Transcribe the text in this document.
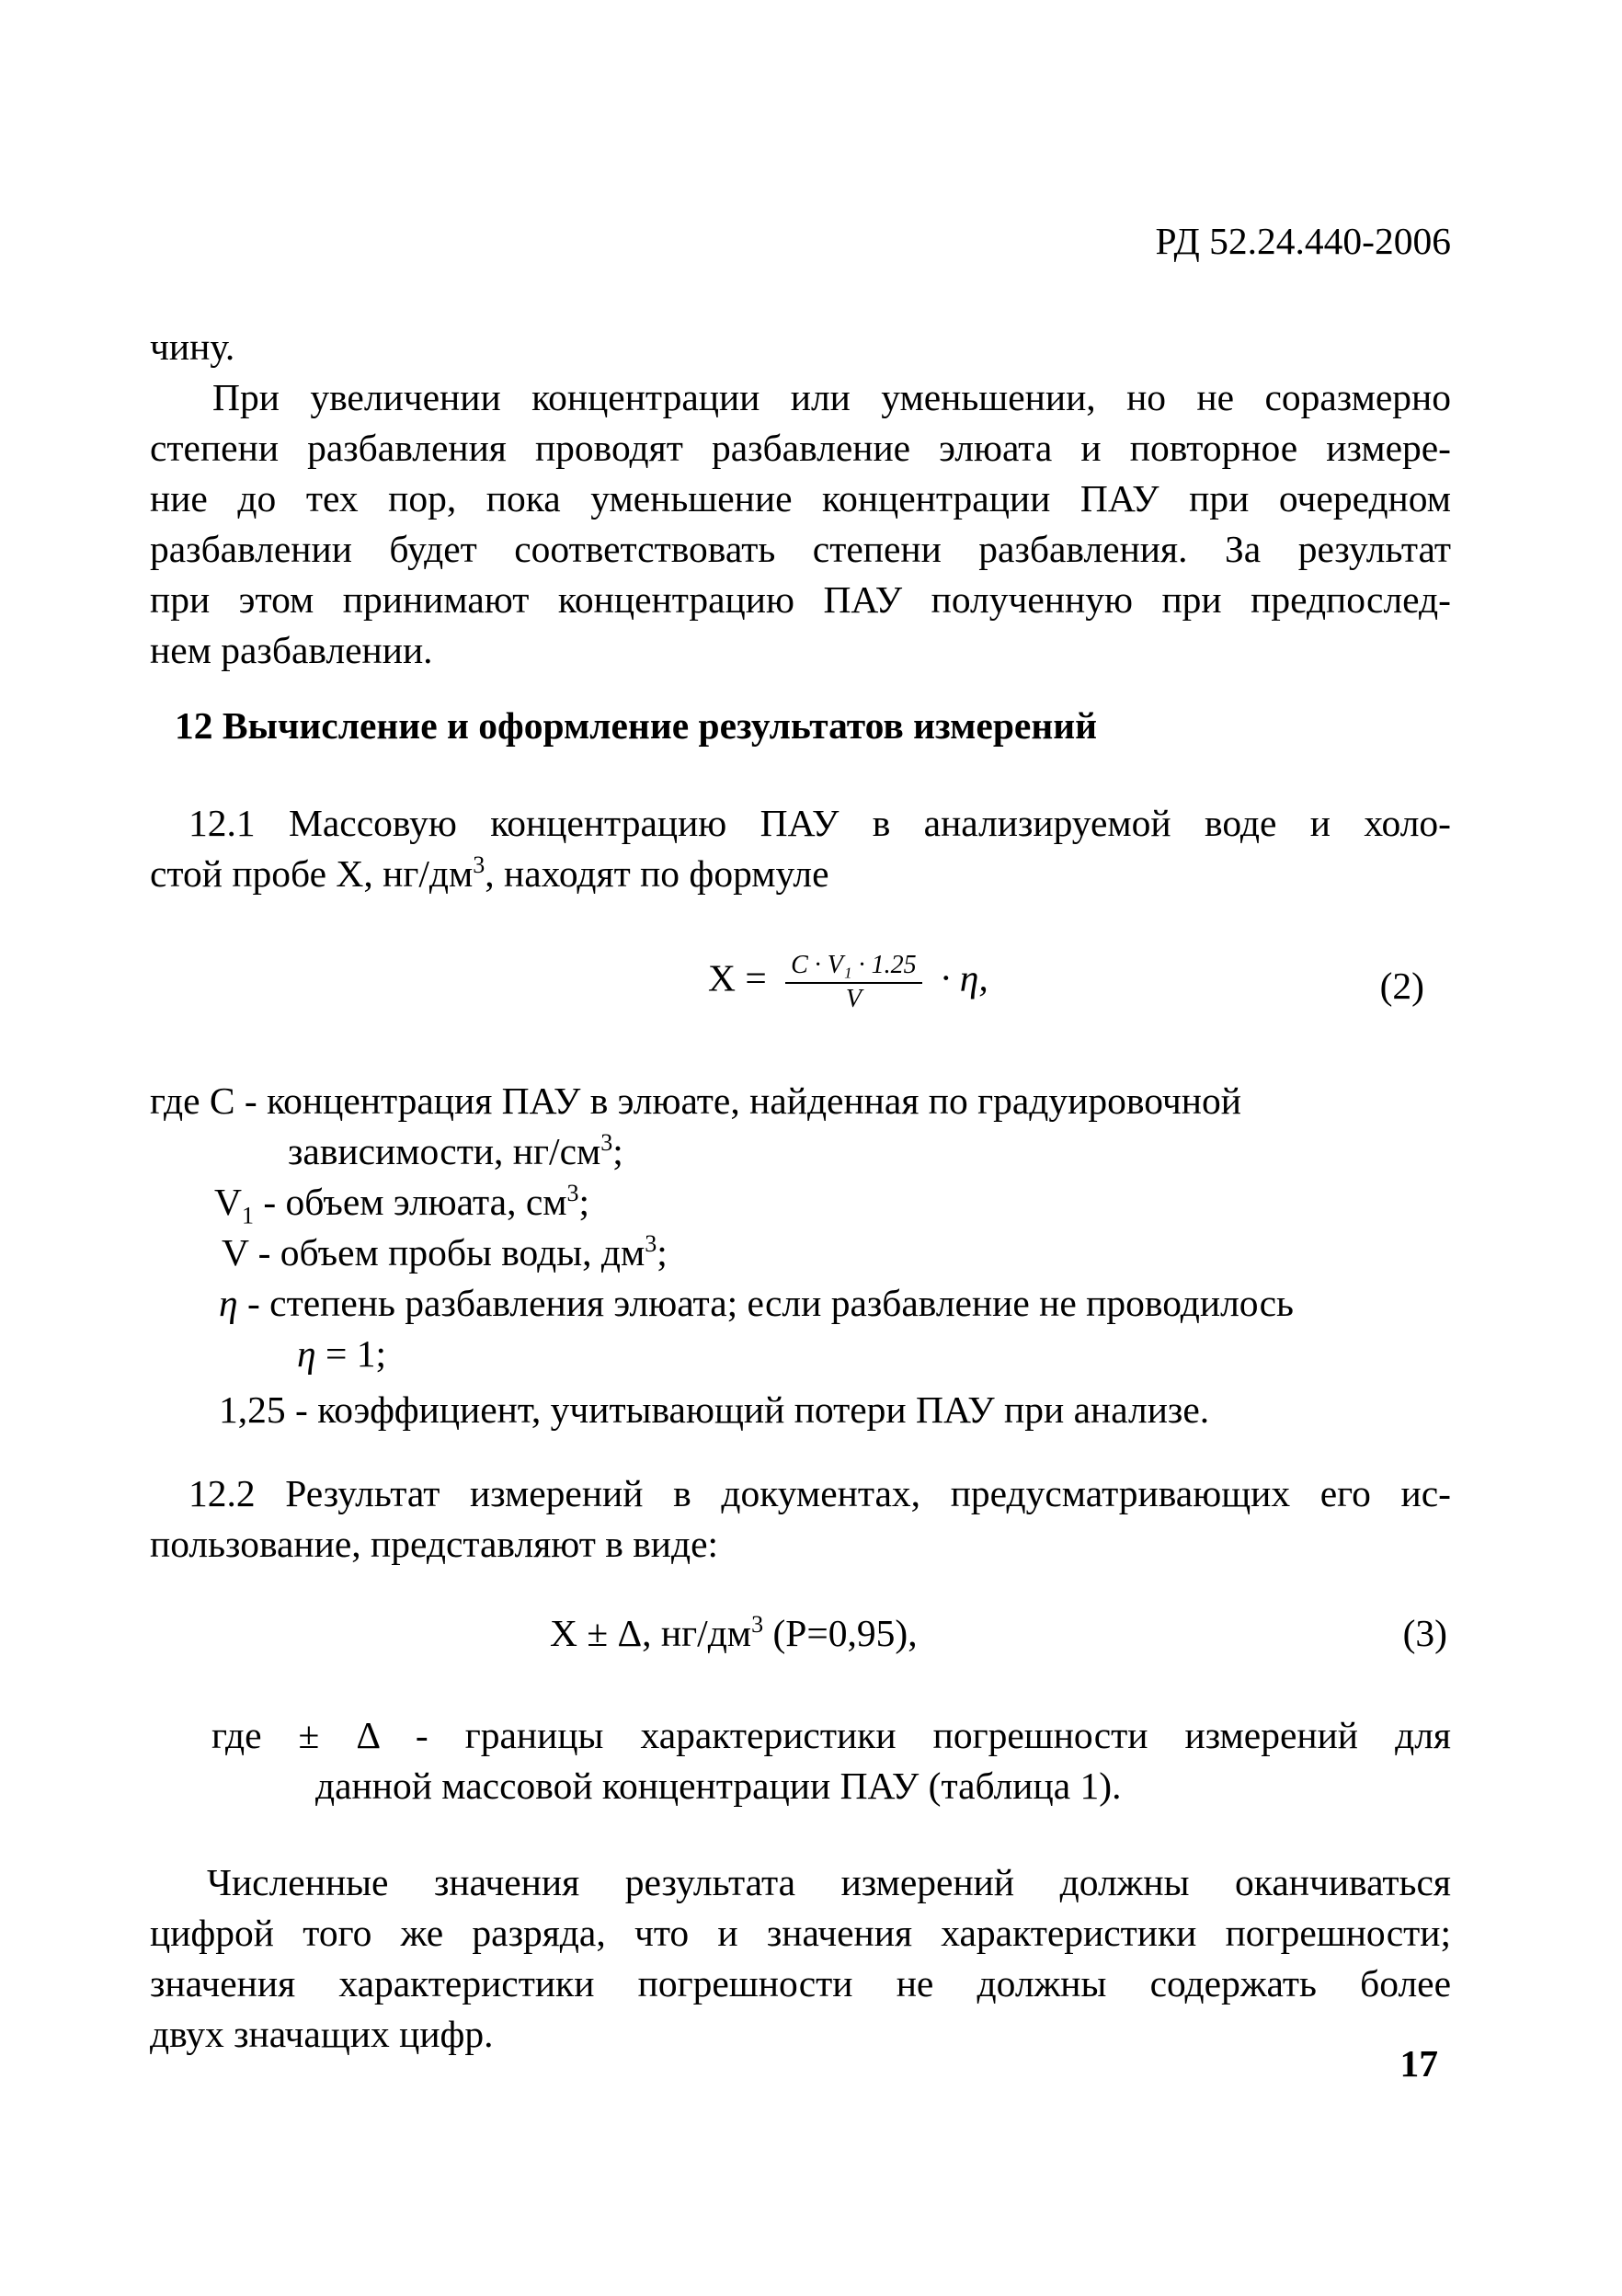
РД 52.24.440-2006
чину.
При увеличении концентрации или уменьшении, но не соразмерно
степени разбавления проводят разбавление элюата и повторное измере-
ние до тех пор, пока уменьшение концентрации ПАУ при очередном
разбавлении будет соответствовать степени разбавления. За результат
при этом принимают концентрацию ПАУ полученную при предпослед-
нем разбавлении.
12 Вычисление и оформление результатов измерений
12.1 Массовую концентрацию ПАУ в анализируемой воде и холо-
стой пробе X, $нг/дм^3$, находят по формуле
$X = \frac{\text{C · V₁ · 1.25}}{V} \cdot \eta$,	(2)
где C - концентрация ПАУ в элюате, найденная по градуировочной
зависимости, $нг/см^3$;
$V_1$ - объем элюата, $см^3$;
V - объем пробы воды, $дм^3$;
η - степень разбавления элюата; если разбавление не проводилось
η = 1;
1,25 - коэффициент, учитывающий потери ПАУ при анализе.
12.2 Результат измерений в документах, предусматривающих его ис-
пользование, представляют в виде:
X ± Δ, $нг/дм^3$ (Р=0,95),	(3)
где ± Δ - границы характеристики погрешности измерений для
данной массовой концентрации ПАУ (таблица 1).
Численные значения результата измерений должны оканчиваться
цифрой того же разряда, что и значения характеристики погрешности;
значения характеристики погрешности не должны содержать более
двух значащих цифр.
17
